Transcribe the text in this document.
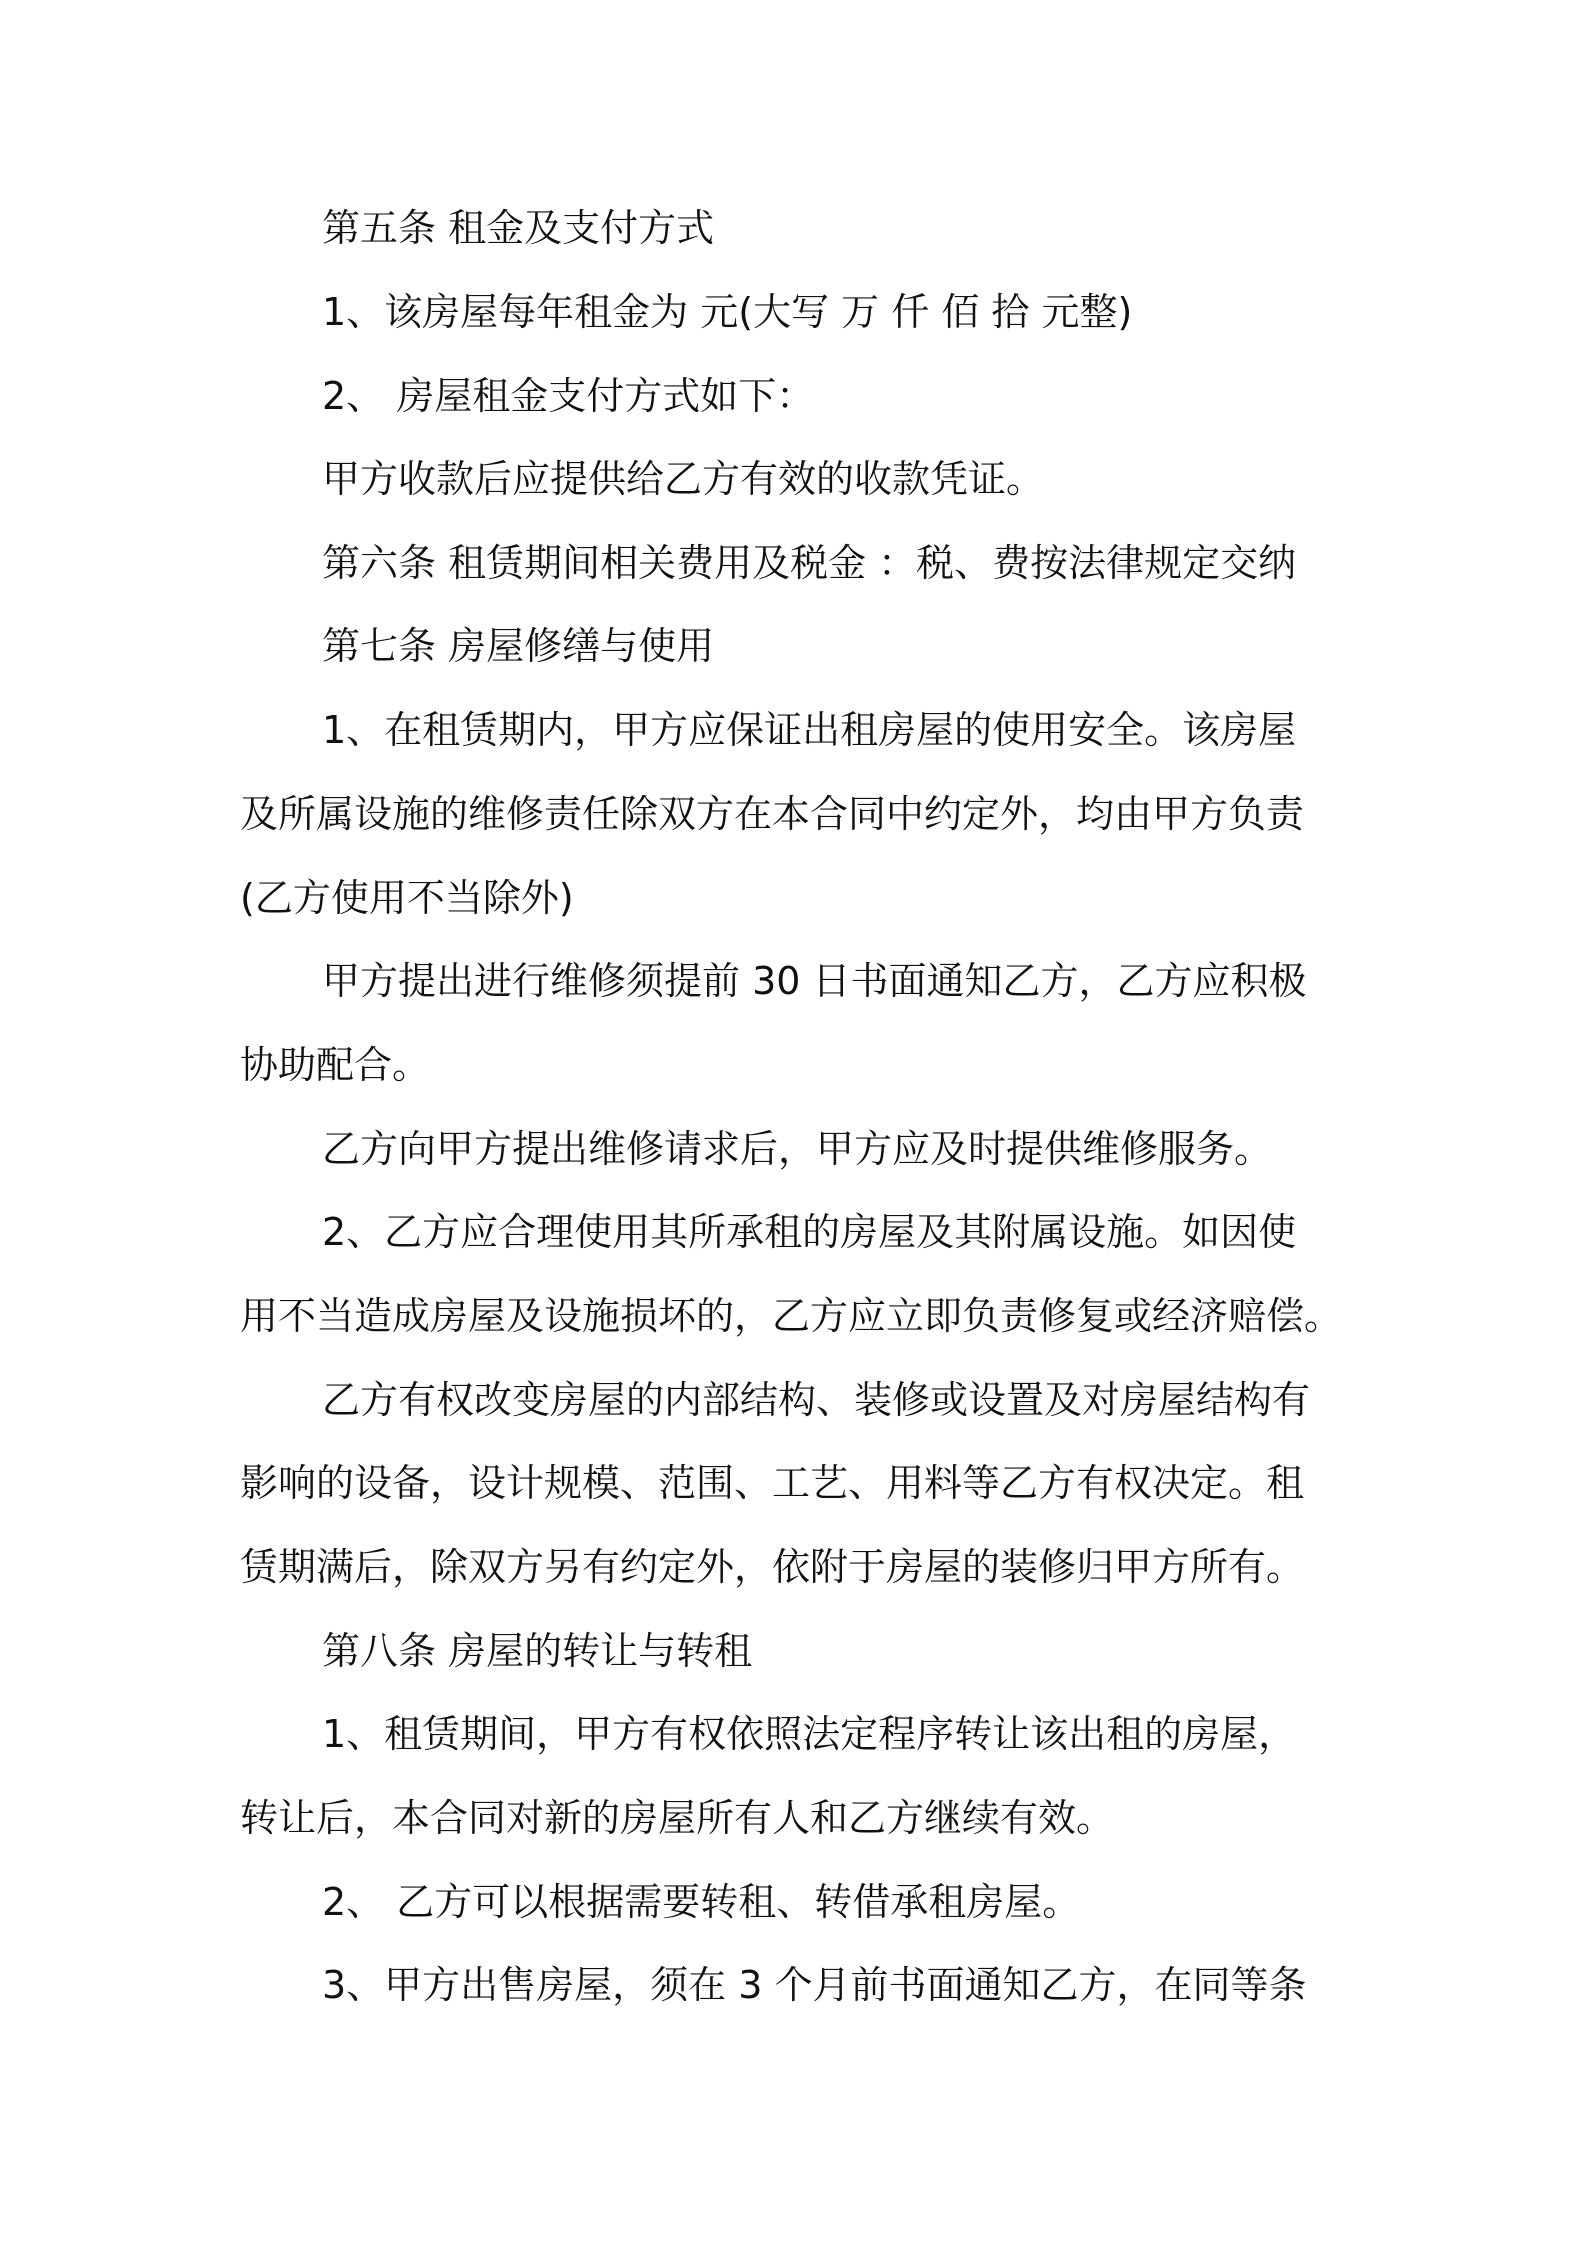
第五条 租金及支付方式
1、该房屋每年租金为 元(大写 万 仟 佰 拾 元整)
2、 房屋租金支付方式如下：
甲方收款后应提供给乙方有效的收款凭证。
第六条 租赁期间相关费用及税金 ：税、费按法律规定交纳
第七条 房屋修缮与使用
1、在租赁期内，甲方应保证出租房屋的使用安全。该房屋
及所属设施的维修责任除双方在本合同中约定外，均由甲方负责
(乙方使用不当除外)
甲方提出进行维修须提前 30 日书面通知乙方，乙方应积极
协助配合。
乙方向甲方提出维修请求后，甲方应及时提供维修服务。
2、乙方应合理使用其所承租的房屋及其附属设施。如因使
用不当造成房屋及设施损坏的，乙方应立即负责修复或经济赔偿。
乙方有权改变房屋的内部结构、装修或设置及对房屋结构有
影响的设备，设计规模、范围、工艺、用料等乙方有权决定。租
赁期满后，除双方另有约定外，依附于房屋的装修归甲方所有。
第八条 房屋的转让与转租
1、租赁期间，甲方有权依照法定程序转让该出租的房屋，
转让后，本合同对新的房屋所有人和乙方继续有效。
2、 乙方可以根据需要转租、转借承租房屋。
3、甲方出售房屋，须在 3 个月前书面通知乙方，在同等条
